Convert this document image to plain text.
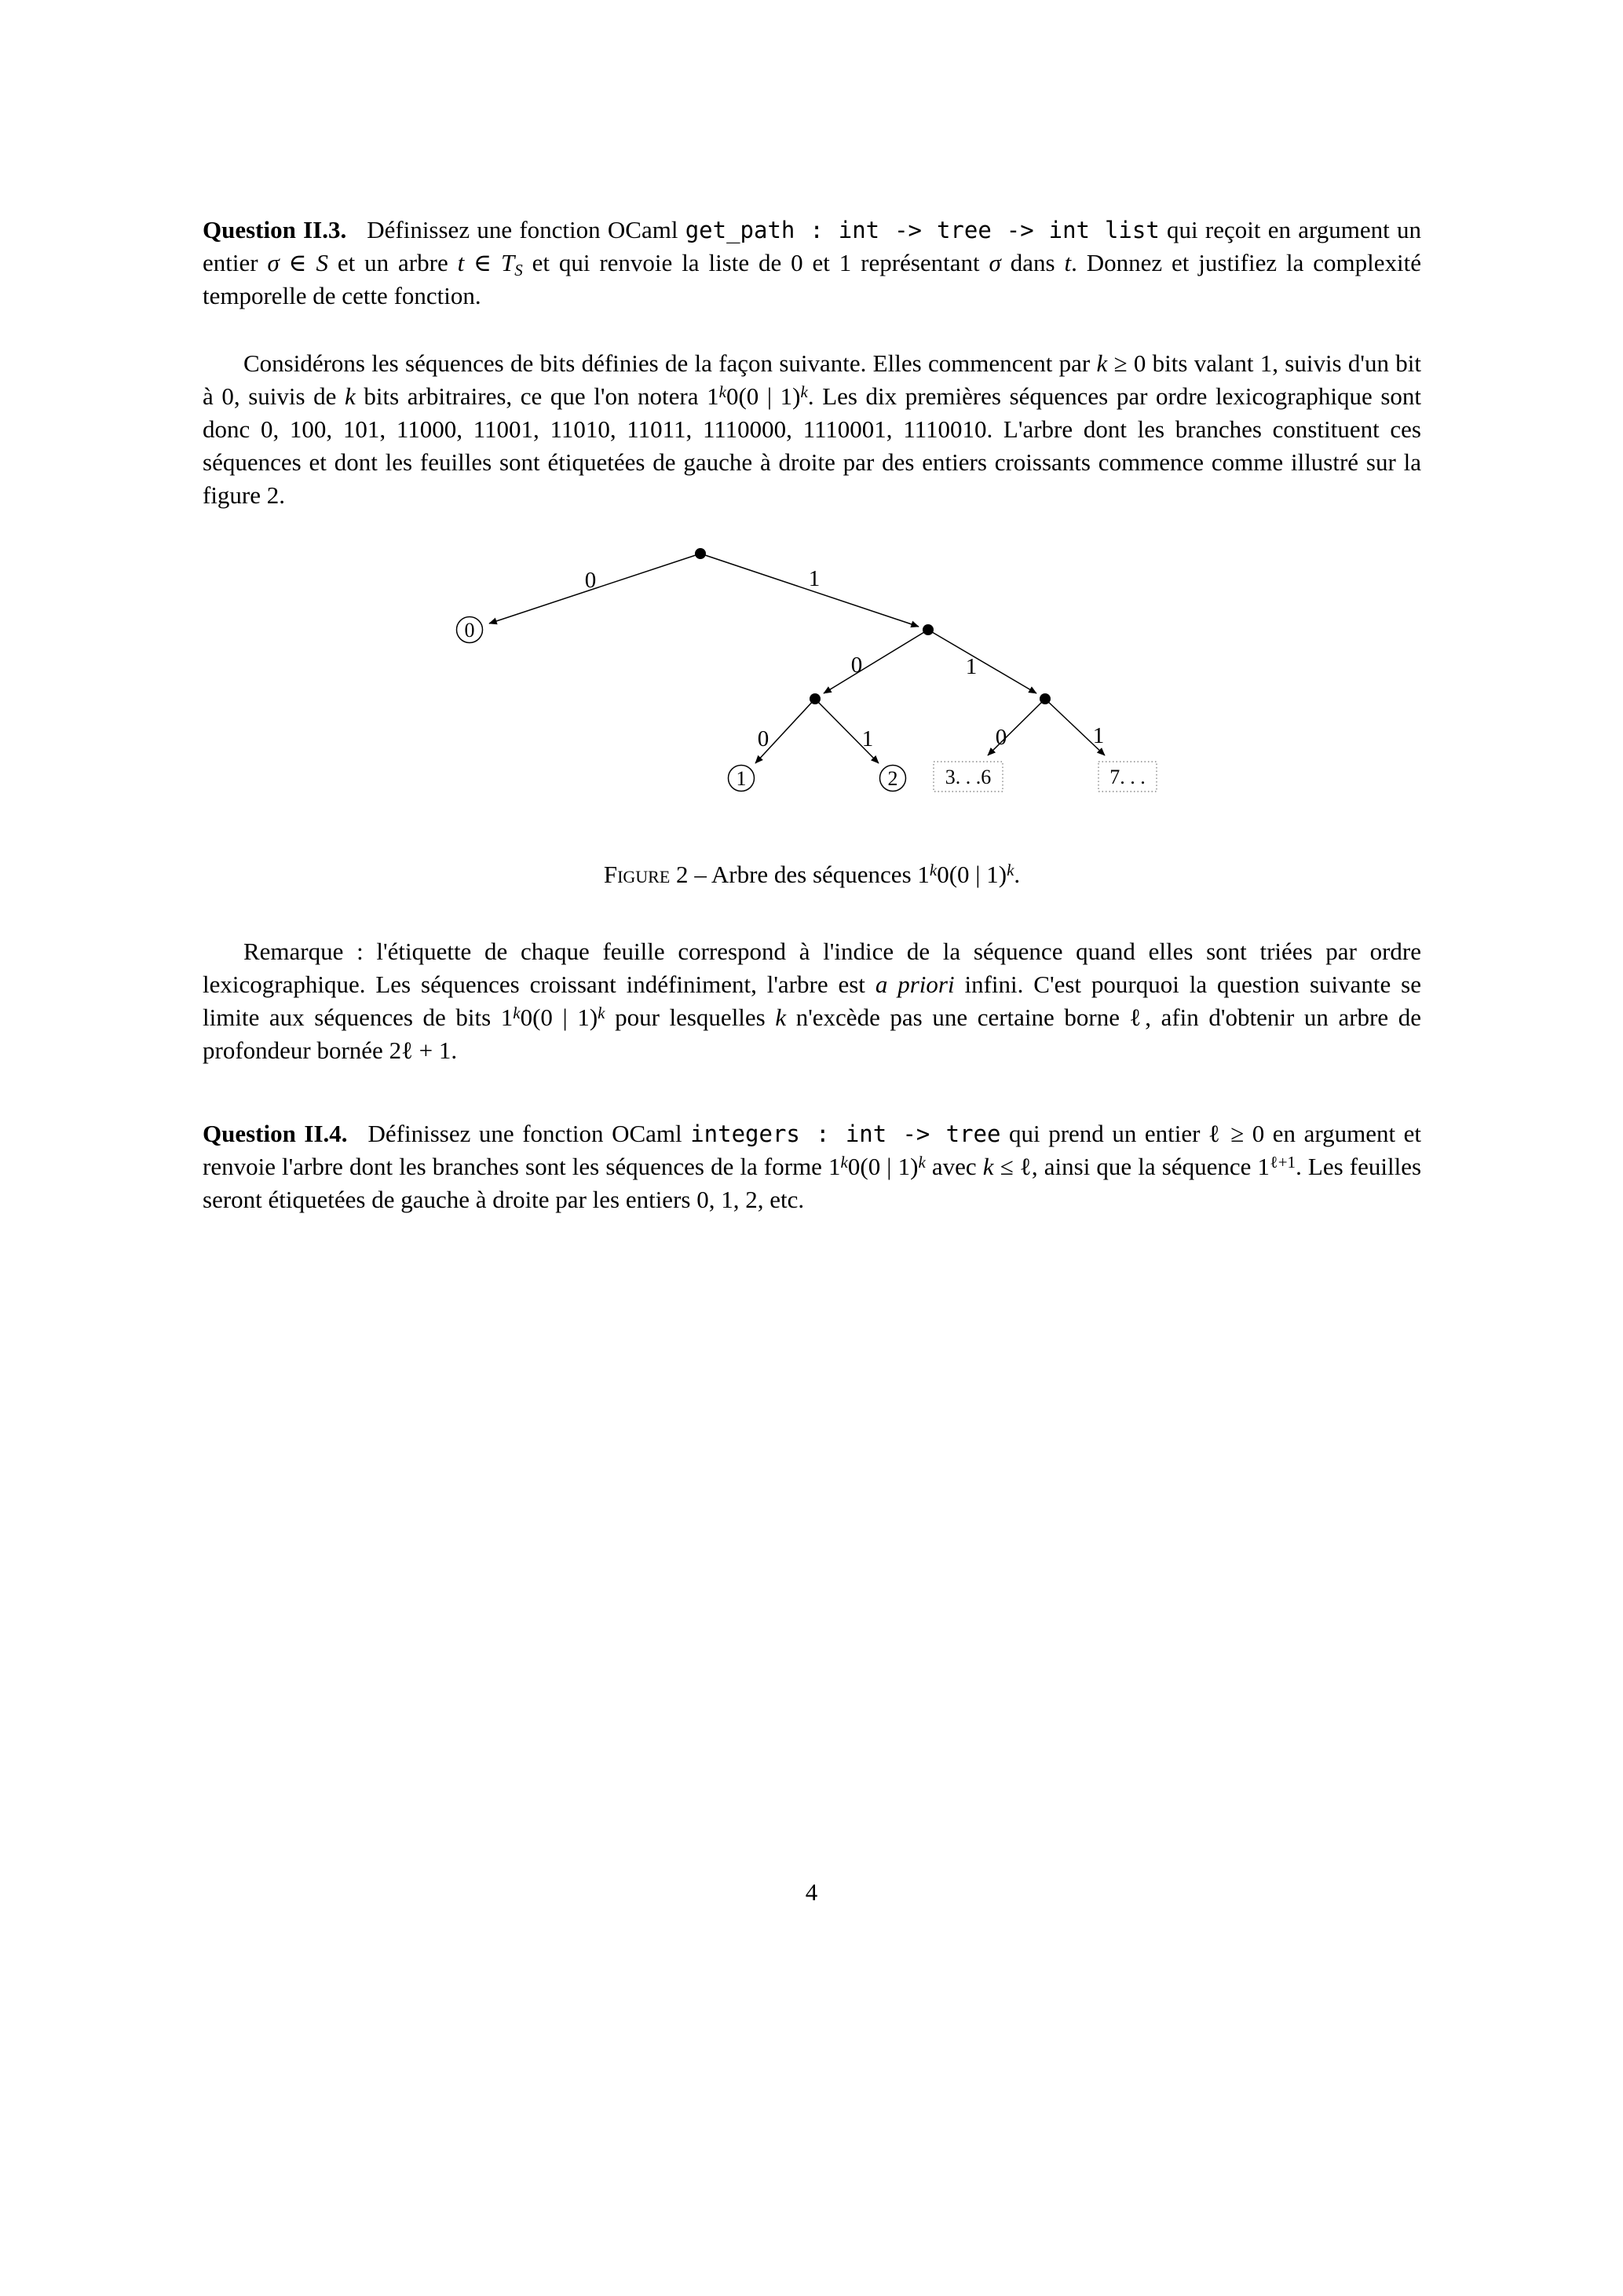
Question II.3. Définissez une fonction OCaml get_path : int -> tree -> int list qui reçoit en argument un entier σ ∈ S et un arbre t ∈ TS et qui renvoie la liste de 0 et 1 représentant σ dans t. Donnez et justifiez la complexité temporelle de cette fonction.

Considérons les séquences de bits définies de la façon suivante. Elles commencent par k ≥ 0 bits valant 1, suivis d'un bit à 0, suivis de k bits arbitraires, ce que l'on notera 1$^k$0(0 | 1)$^k$. Les dix premières séquences par ordre lexicographique sont donc 0, 100, 101, 11000, 11001, 11010, 11011, 1110000, 1110001, 1110010. L'arbre dont les branches constituent ces séquences et dont les feuilles sont étiquetées de gauche à droite par des entiers croissants commence comme illustré sur la figure 2.

0
1	2 3. . .6	7. . .
0	1
0	1
0	1	0	1
Figure 2 – Arbre des séquences 1$^k$0(0 | 1)$^k$.

Remarque : l'étiquette de chaque feuille correspond à l'indice de la séquence quand elles sont triées par ordre lexicographique. Les séquences croissant indéfiniment, l'arbre est a priori infini. C'est pourquoi la question suivante se limite aux séquences de bits 1$^k$0(0 | 1)$^k$ pour lesquelles k n'excède pas une certaine borne ℓ, afin d'obtenir un arbre de profondeur bornée 2ℓ + 1.

Question II.4. Définissez une fonction OCaml integers : int -> tree qui prend un entier ℓ ≥ 0 en argument et renvoie l'arbre dont les branches sont les séquences de la forme 1$^k$0(0 | 1)$^k$ avec k ≤ ℓ, ainsi que la séquence $1^{\ell+1}$. Les feuilles seront étiquetées de gauche à droite par les entiers 0, 1, 2, etc.

4
